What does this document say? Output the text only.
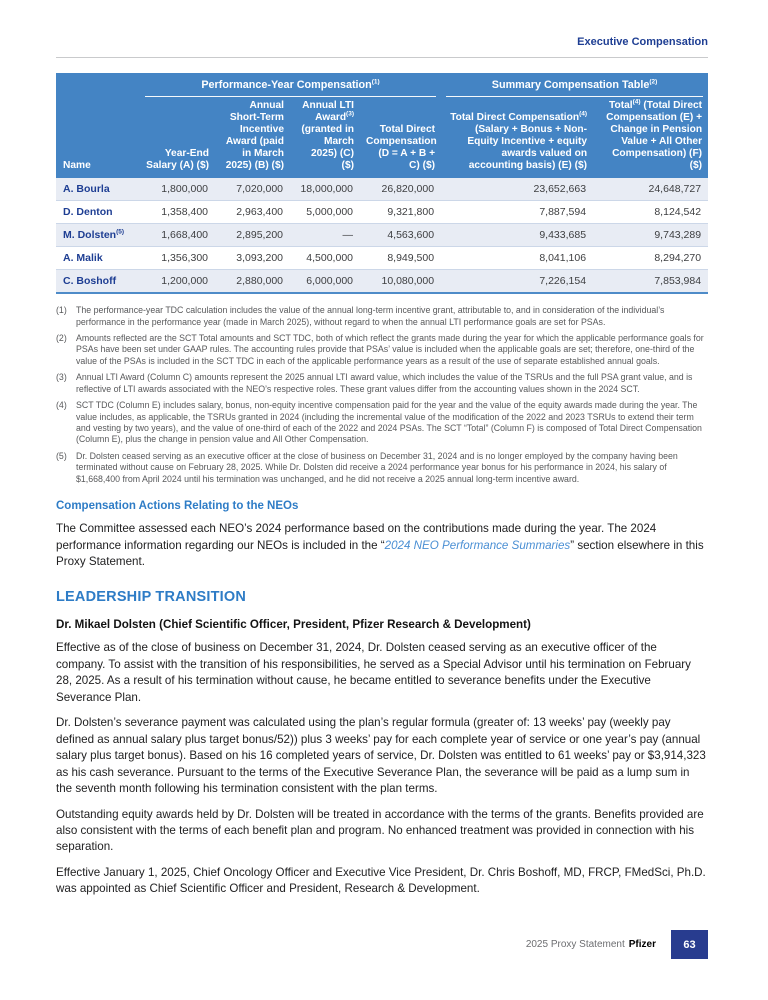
Executive Compensation

	Performance-Year Compensation$^{(1)}$				Summary Compensation Table$^{(2)}$

Name	Year-End Salary (A) ($)	Annual Short-Term Incentive Award (paid in March 2025) (B) ($)	Annual LTI Award$^{(3)}$ (granted in March 2025) (C) ($)	Total Direct Compensation (D = A + B + C) ($)	Total Direct Compensation$^{(4)}$ (Salary + Bonus + Non-Equity Incentive + equity awards valued on accounting basis) (E) ($)	Total$^{(4)}$ (Total Direct Compensation (E) + Change in Pension Value + All Other Compensation) (F) ($)
A. Bourla	1,800,000	7,020,000	18,000,000	26,820,000	23,652,663	24,648,727
D. Denton	1,358,400	2,963,400	5,000,000	9,321,800	7,887,594	8,124,542
M. Dolsten$^{(5)}$	1,668,400	2,895,200	—	4,563,600	9,433,685	9,743,289
A. Malik	1,356,300	3,093,200	4,500,000	8,949,500	8,041,106	8,294,270
C. Boshoff	1,200,000	2,880,000	6,000,000	10,080,000	7,226,154	7,853,984
(1)	The performance-year TDC calculation includes the value of the annual long-term incentive grant, attributable to, and in consideration of the individual’s performance in the performance year (made in March 2025), without regard to when the annual LTI performance goals are set for PSAs.
(2)	Amounts reflected are the SCT Total amounts and SCT TDC, both of which reflect the grants made during the year for which the applicable performance goals for PSAs have been set under GAAP rules. The accounting rules provide that PSAs’ value is included when the applicable goals are set; therefore, one-third of the value of the PSAs is included in the SCT TDC in each of the applicable performance years as a result of the use of separate established annual goals.
(3)	Annual LTI Award (Column C) amounts represent the 2025 annual LTI award value, which includes the value of the TSRUs and the full PSA grant value, and is reflective of LTI awards associated with the NEO’s respective roles. These grant values differ from the accounting values shown in the 2024 SCT.
(4)	SCT TDC (Column E) includes salary, bonus, non-equity incentive compensation paid for the year and the value of the equity awards made during the year. The value includes, as applicable, the TSRUs granted in 2024 (including the incremental value of the modification of the 2022 and 2023 TSRUs to extend their term and vesting by two years), and the value of one-third of each of the 2022 and 2024 PSAs. The SCT “Total” (Column F) is composed of Total Direct Compensation (Column E), plus the change in pension value and All Other Compensation.
(5)	Dr. Dolsten ceased serving as an executive officer at the close of business on December 31, 2024 and is no longer employed by the company having been terminated without cause on February 28, 2025. While Dr. Dolsten did receive a 2024 performance year bonus for his performance in 2024, his salary of $1,668,400 from April 2024 until his termination was unchanged, and he did not receive a 2025 annual long-term incentive award.
Compensation Actions Relating to the NEOs

The Committee assessed each NEO’s 2024 performance based on the contributions made during the year. The 2024 performance information regarding our NEOs is included in the “2024 NEO Performance Summaries” section elsewhere in this Proxy Statement.

LEADERSHIP TRANSITION
Dr. Mikael Dolsten (Chief Scientific Officer, President, Pfizer Research & Development)

Effective as of the close of business on December 31, 2024, Dr. Dolsten ceased serving as an executive officer of the company. To assist with the transition of his responsibilities, he served as a Special Advisor until his termination on February 28, 2025. As a result of his termination without cause, he became entitled to severance benefits under the Executive Severance Plan.

Dr. Dolsten’s severance payment was calculated using the plan’s regular formula (greater of: 13 weeks’ pay (weekly pay defined as annual salary plus target bonus/52)) plus 3 weeks’ pay for each complete year of service or one year’s pay (annual salary plus target bonus). Based on his 16 completed years of service, Dr. Dolsten was entitled to 61 weeks’ pay or $3,914,323 as his cash severance. Pursuant to the terms of the Executive Severance Plan, the severance will be paid as a lump sum in the seventh month following his termination consistent with the plan terms.

Outstanding equity awards held by Dr. Dolsten will be treated in accordance with the terms of the grants. Benefits provided are also consistent with the terms of each benefit plan and program. No enhanced treatment was provided in connection with his separation.

Effective January 1, 2025, Chief Oncology Officer and Executive Vice President, Dr. Chris Boshoff, MD, FRCP, FMedSci, Ph.D. was appointed as Chief Scientific Officer and President, Research & Development.

2025 Proxy Statement Pfizer	63
